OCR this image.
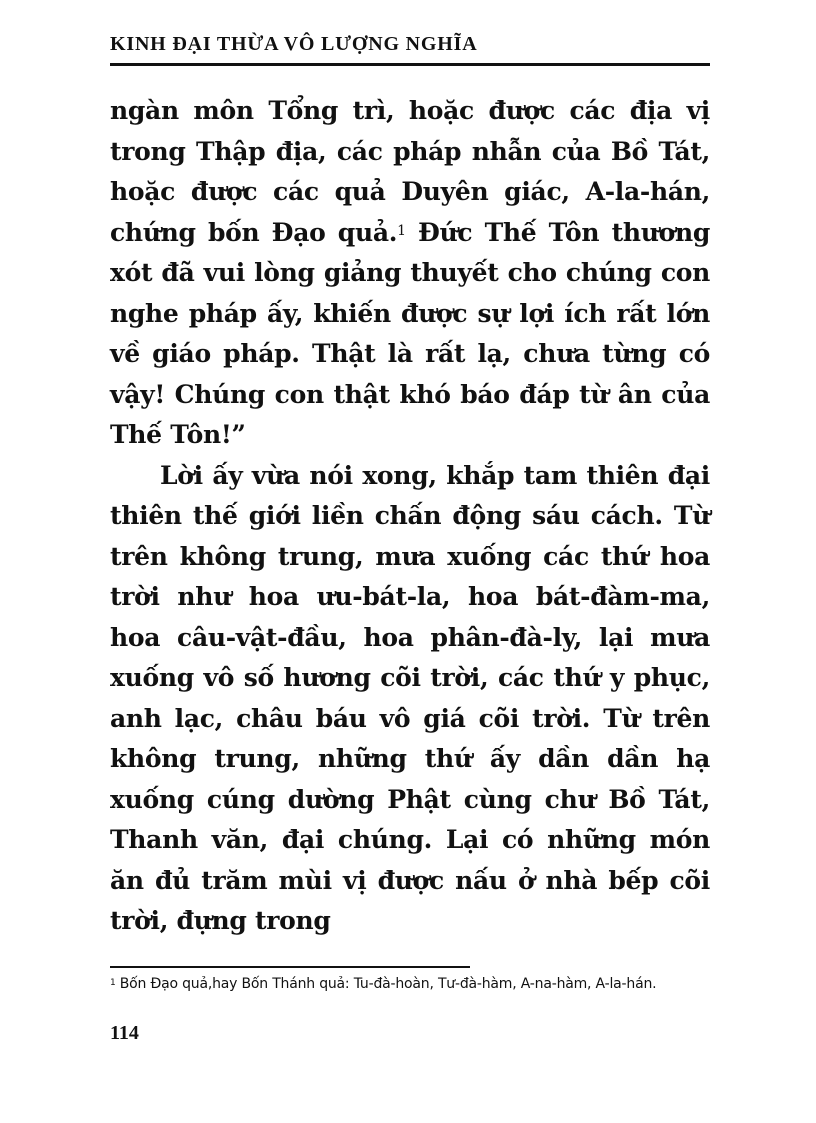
KINH ĐẠI THỪA VÔ LƯỢNG NGHĨA

ngàn môn Tổng trì, hoặc được các địa vị trong Thập địa, các pháp nhẫn của Bồ Tát, hoặc được các quả Duyên giác, A-la-hán, chứng bốn Đạo quả.$^1$ Đức Thế Tôn thương xót đã vui lòng giảng thuyết cho chúng con nghe pháp ấy, khiến được sự lợi ích rất lớn về giáo pháp. Thật là rất lạ, chưa từng có vậy! Chúng con thật khó báo đáp từ ân của Thế Tôn!”

Lời ấy vừa nói xong, khắp tam thiên đại thiên thế giới liền chấn động sáu cách. Từ trên không trung, mưa xuống các thứ hoa trời như hoa ưu-bát-la, hoa bát-đàm-ma, hoa câu-vật-đầu, hoa phân-đà-ly, lại mưa xuống vô số hương cõi trời, các thứ y phục, anh lạc, châu báu vô giá cõi trời. Từ trên không trung, những thứ ấy dần dần hạ xuống cúng dường Phật cùng chư Bồ Tát, Thanh văn, đại chúng. Lại có những món ăn đủ trăm mùi vị được nấu ở nhà bếp cõi trời, đựng trong

$^1$ Bốn Đạo quả,hay Bốn Thánh quả: Tu-đà-hoàn, Tư-đà-hàm, A-na-hàm, A-la-hán.
114
